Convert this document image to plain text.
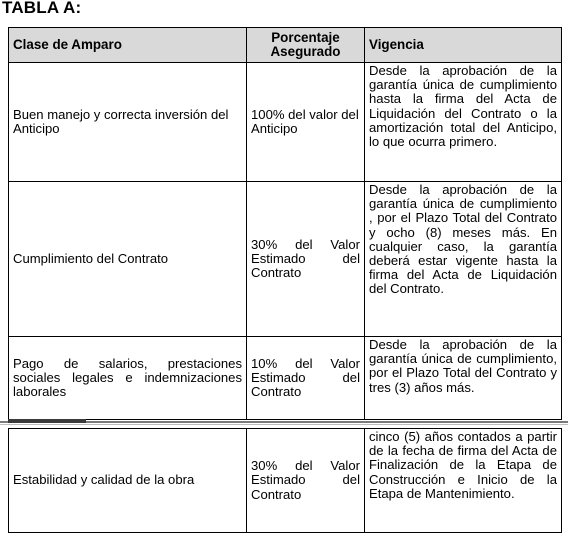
TABLA A:
Clase de Amparo	Porcentaje Asegurado	Vigencia
Buen manejo y correcta inversión del Anticipo	100% del valor del Anticipo	Desde la aprobación de la garantía única de cumplimiento hasta la firma del Acta de Liquidación del Contrato o la amortización total del Anticipo, lo que ocurra primero.
Cumplimiento del Contrato	30% del Valor Estimado del Contrato	Desde la aprobación de la garantía única de cumplimiento , por el Plazo Total del Contrato y ocho (8) meses más. En cualquier caso, la garantía deberá estar vigente hasta la firma del Acta de Liquidación del Contrato.
Pago de salarios, prestaciones sociales legales e indemnizaciones laborales	10% del Valor Estimado del Contrato	Desde la aprobación de la garantía única de cumplimiento, por el Plazo Total del Contrato y tres (3) años más.
Estabilidad y calidad de la obra	30% del Valor Estimado del Contrato	cinco (5) años contados a partir de la fecha de firma del Acta de Finalización de la Etapa de Construcción e Inicio de la Etapa de Mantenimiento.
